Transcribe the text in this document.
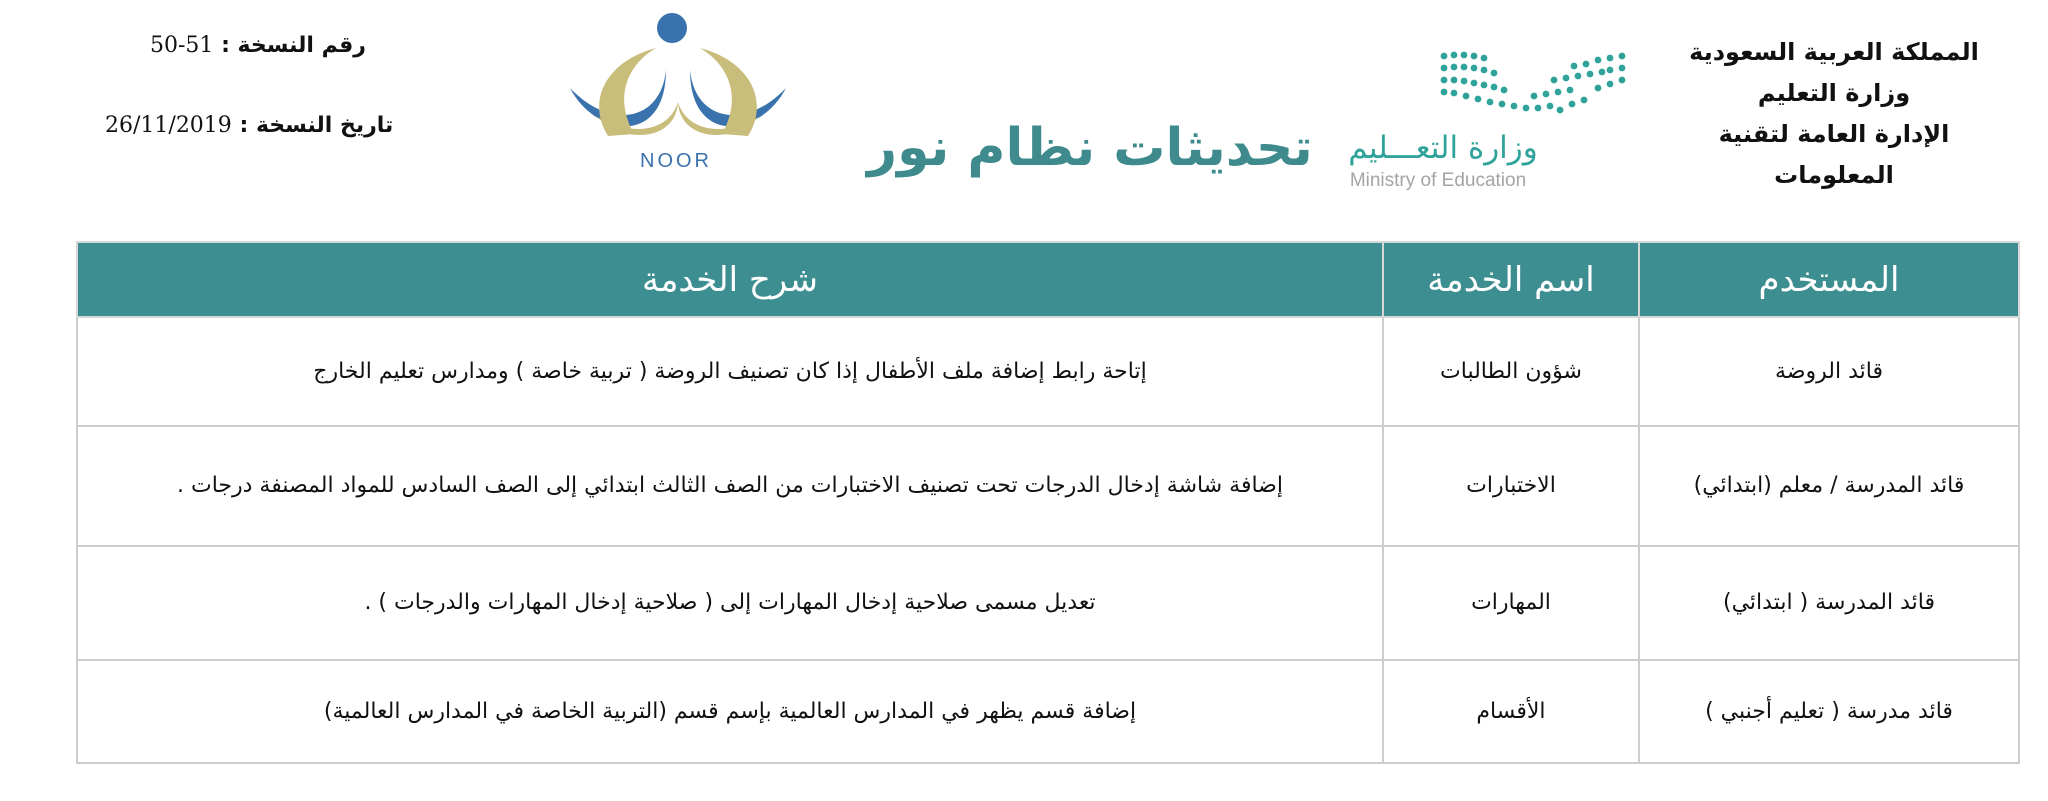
المملكة العربية السعودية
وزارة التعليم
الإدارة العامة لتقنية
المعلومات
وزارة التعـــليم
Ministry of Education
تحديثات نظام نور
NOOR
رقم النسخة : 50-51
تاريخ النسخة : 26/11/2019
المستخدم	اسم الخدمة	شرح الخدمة
قائد الروضة	شؤون الطالبات	إتاحة رابط إضافة ملف الأطفال إذا كان تصنيف الروضة ( تربية خاصة ) ومدارس تعليم الخارج
قائد المدرسة / معلم (ابتدائي)	الاختبارات	إضافة شاشة إدخال الدرجات تحت تصنيف الاختبارات من الصف الثالث ابتدائي إلى الصف السادس للمواد المصنفة درجات .
قائد المدرسة ( ابتدائي)	المهارات	تعديل مسمى صلاحية إدخال المهارات إلى ( صلاحية إدخال المهارات والدرجات ) .
قائد مدرسة ( تعليم أجنبي )	الأقسام	إضافة قسم يظهر في المدارس العالمية بإسم قسم (التربية الخاصة في المدارس العالمية)
